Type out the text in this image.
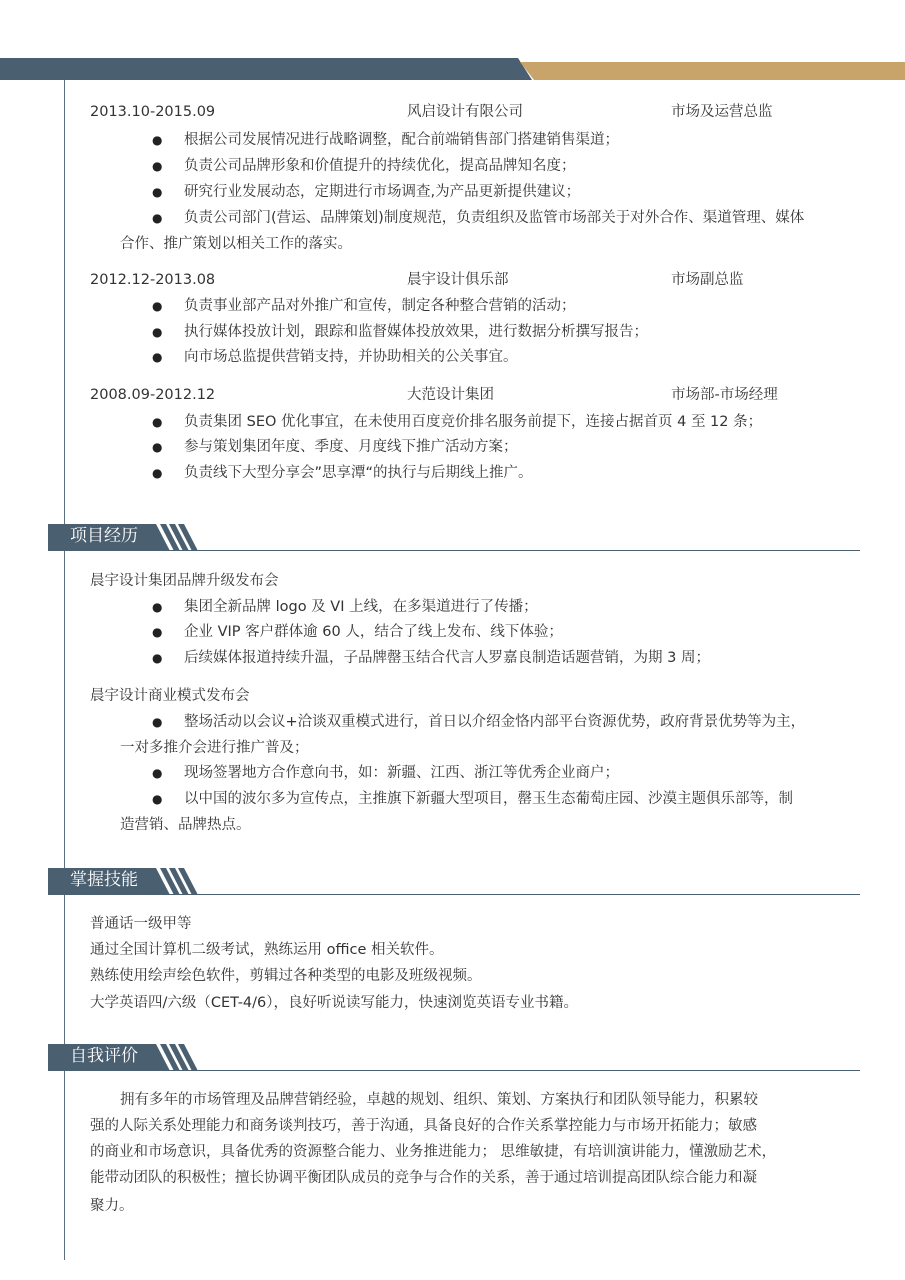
2013.10-2015.09	风启设计有限公司	市场及运营总监
● 根据公司发展情况进行战略调整，配合前端销售部门搭建销售渠道；
● 负责公司品牌形象和价值提升的持续优化，提高品牌知名度；
● 研究行业发展动态，定期进行市场调查,为产品更新提供建议；
● 负责公司部门(营运、品牌策划)制度规范，负责组织及监管市场部关于对外合作、渠道管理、媒体
合作、推广策划以相关工作的落实。
2012.12-2013.08	晨宇设计俱乐部	市场副总监
● 负责事业部产品对外推广和宣传，制定各种整合营销的活动；
● 执行媒体投放计划，跟踪和监督媒体投放效果，进行数据分析撰写报告；
● 向市场总监提供营销支持，并协助相关的公关事宜。
2008.09-2012.12	大范设计集团	市场部-市场经理
● 负责集团 SEO 优化事宜，在未使用百度竞价排名服务前提下，连接占据首页 4 至 12 条；
● 参与策划集团年度、季度、月度线下推广活动方案；
● 负责线下大型分享会”思享潭“的执行与后期线上推广。
项目经历
晨宇设计集团品牌升级发布会
● 集团全新品牌 logo 及 VI 上线，在多渠道进行了传播；
● 企业 VIP 客户群体逾 60 人，结合了线上发布、线下体验；
● 后续媒体报道持续升温，子品牌罄玉结合代言人罗嘉良制造话题营销，为期 3 周；
晨宇设计商业模式发布会
● 整场活动以会议+洽谈双重模式进行，首日以介绍金恪内部平台资源优势，政府背景优势等为主，
一对多推介会进行推广普及；
● 现场签署地方合作意向书，如：新疆、江西、浙江等优秀企业商户；
● 以中国的波尔多为宣传点，主推旗下新疆大型项目，罄玉生态葡萄庄园、沙漠主题俱乐部等，制
造营销、品牌热点。
掌握技能
普通话一级甲等
通过全国计算机二级考试，熟练运用 office 相关软件。
熟练使用绘声绘色软件，剪辑过各种类型的电影及班级视频。
大学英语四/六级（CET-4/6），良好听说读写能力，快速浏览英语专业书籍。
自我评价
拥有多年的市场管理及品牌营销经验，卓越的规划、组织、策划、方案执行和团队领导能力，积累较
强的人际关系处理能力和商务谈判技巧，善于沟通，具备良好的合作关系掌控能力与市场开拓能力；敏感
的商业和市场意识，具备优秀的资源整合能力、业务推进能力； 思维敏捷，有培训演讲能力，懂激励艺术，
能带动团队的积极性；擅长协调平衡团队成员的竞争与合作的关系，善于通过培训提高团队综合能力和凝
聚力。
